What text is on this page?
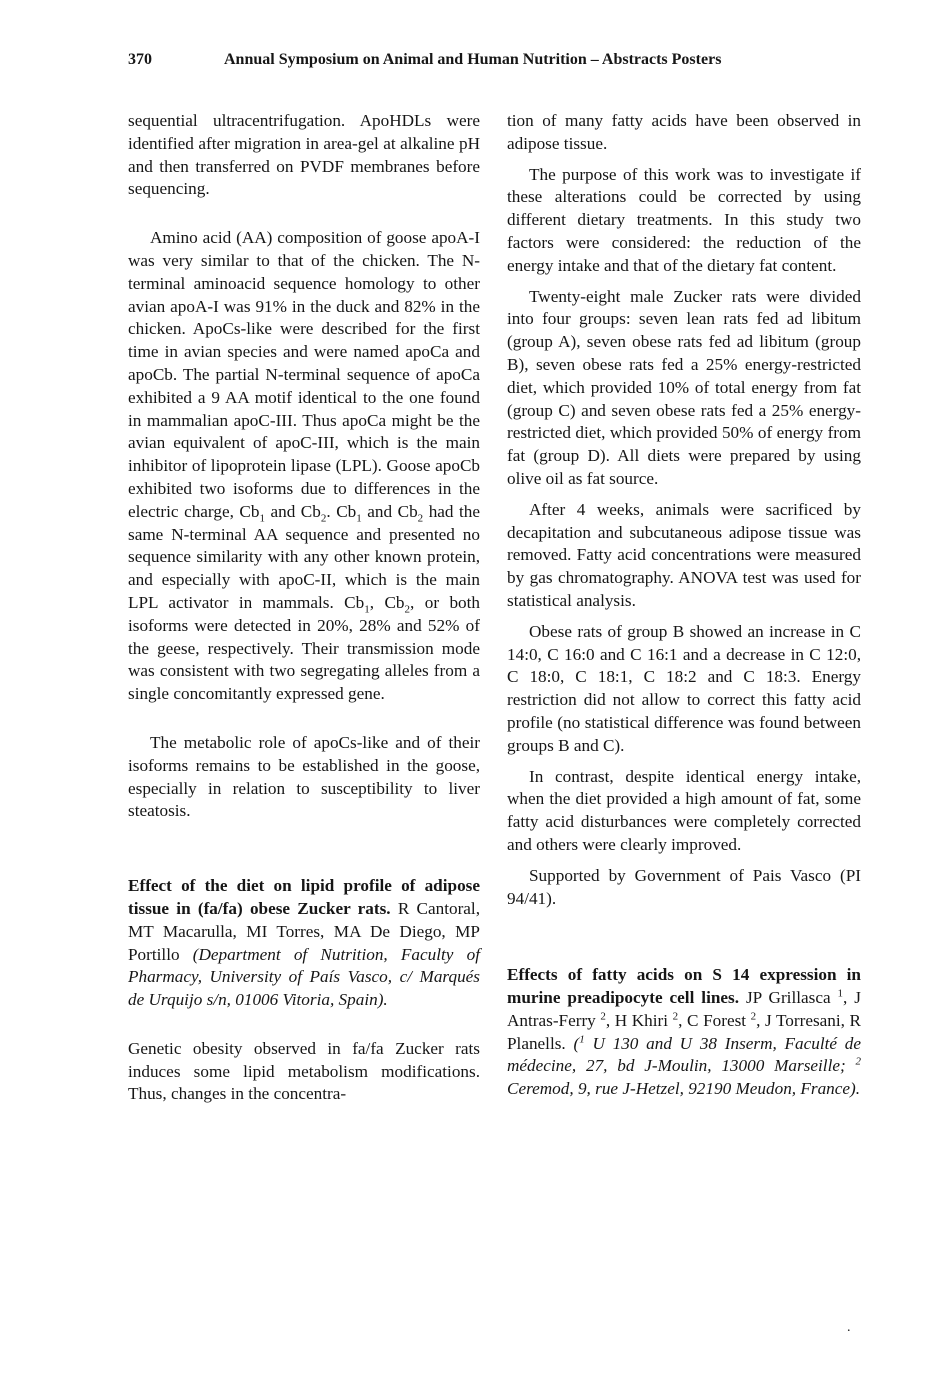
370	Annual Symposium on Animal and Human Nutrition – Abstracts Posters

sequential ultracentrifugation. ApoHDLs were identified after migration in area-gel at alkaline pH and then transferred on PVDF membranes before sequencing.

Amino acid (AA) composition of goose apoA-I was very similar to that of the chicken. The N-terminal aminoacid sequence homology to other avian apoA-I was 91% in the duck and 82% in the chicken. ApoCs-like were described for the first time in avian species and were named apoCa and apoCb. The partial N-terminal sequence of apoCa exhibited a 9 AA motif identical to the one found in mammalian apoC-III. Thus apoCa might be the avian equivalent of apoC-III, which is the main inhibitor of lipoprotein lipase (LPL). Goose apoCb exhibited two isoforms due to differences in the electric charge, $Cb_1$ and $Cb_2$. $Cb_1$ and $Cb_2$ had the same N-terminal AA sequence and presented no sequence similarity with any other known protein, and especially with apoC-II, which is the main LPL activator in mammals. $Cb_1$, $Cb_2$, or both isoforms were detected in 20%, 28% and 52% of the geese, respectively. Their transmission mode was consistent with two segregating alleles from a single concomitantly expressed gene.

The metabolic role of apoCs-like and of their isoforms remains to be established in the goose, especially in relation to susceptibility to liver steatosis.

Effect of the diet on lipid profile of adipose tissue in (fa/fa) obese Zucker rats. R Cantoral, MT Macarulla, MI Torres, MA De Diego, MP Portillo (Department of Nutrition, Faculty of Pharmacy, University of País Vasco, c/ Marqués de Urquijo s/n, 01006 Vitoria, Spain).

Genetic obesity observed in fa/fa Zucker rats induces some lipid metabolism modifications. Thus, changes in the concentra-

tion of many fatty acids have been observed in adipose tissue.

The purpose of this work was to investigate if these alterations could be corrected by using different dietary treatments. In this study two factors were considered: the reduction of the energy intake and that of the dietary fat content.

Twenty-eight male Zucker rats were divided into four groups: seven lean rats fed ad libitum (group A), seven obese rats fed ad libitum (group B), seven obese rats fed a 25% energy-restricted diet, which provided 10% of total energy from fat (group C) and seven obese rats fed a 25% energy-restricted diet, which provided 50% of energy from fat (group D). All diets were prepared by using olive oil as fat source.

After 4 weeks, animals were sacrificed by decapitation and subcutaneous adipose tissue was removed. Fatty acid concentrations were measured by gas chromatography. ANOVA test was used for statistical analysis.

Obese rats of group B showed an increase in C 14:0, C 16:0 and C 16:1 and a decrease in C 12:0, C 18:0, C 18:1, C 18:2 and C 18:3. Energy restriction did not allow to correct this fatty acid profile (no statistical difference was found between groups B and C).

In contrast, despite identical energy intake, when the diet provided a high amount of fat, some fatty acid disturbances were completely corrected and others were clearly improved.

Supported by Government of Pais Vasco (PI 94/41).

Effects of fatty acids on S 14 expression in murine preadipocyte cell lines. JP Grillasca $^1$, J Antras-Ferry $^2$, H Khiri $^2$, C Forest $^2$, J Torresani, R Planells. ($^1$ U 130 and U 38 Inserm, Faculté de médecine, 27, bd J-Moulin, 13000 Marseille; $^2$ Ceremod, 9, rue J-Hetzel, 92190 Meudon, France).

.
